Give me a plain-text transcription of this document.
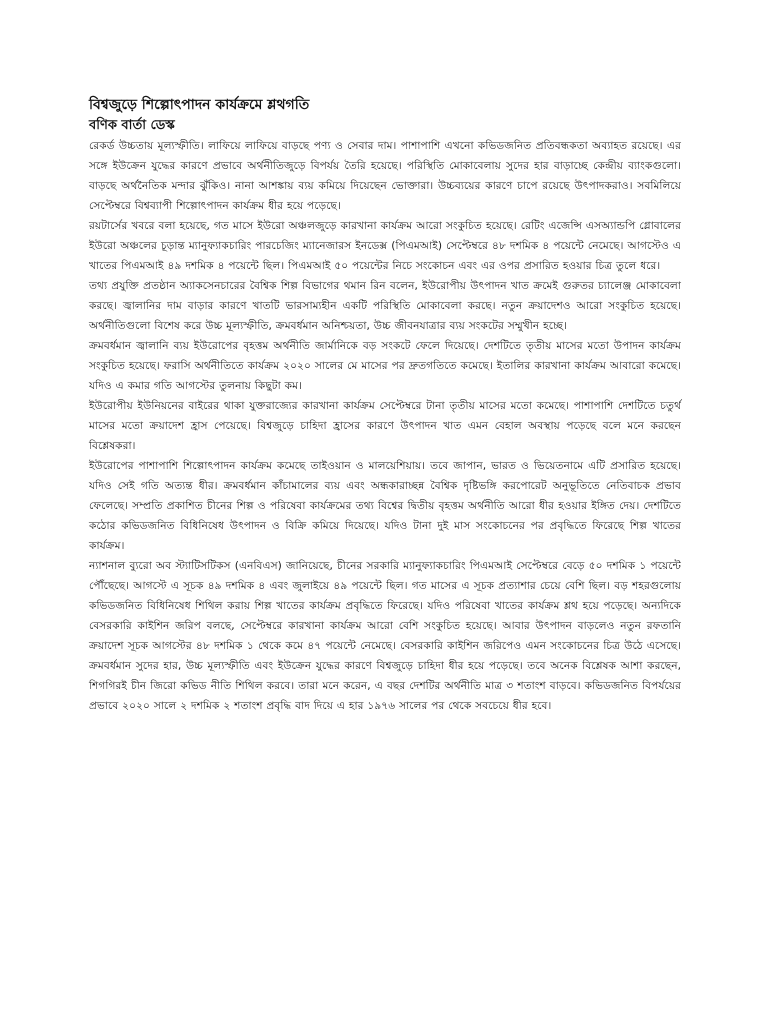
বিশ্বজুড়ে শিল্পোৎপাদন কার্যক্রমে শ্লথগতি
বণিক বার্তা ডেস্ক

রেকর্ড উচ্চতায় মূল্যস্ফীতি। লাফিয়ে লাফিয়ে বাড়ছে পণ্য ও সেবার দাম। পাশাপাশি এখনো কভিডজনিত প্রতিবন্ধকতা অব্যাহত রয়েছে। এর সঙ্গে ইউক্রেন যুদ্ধের কারণে প্রভাবে অর্থনীতিজুড়ে বিপর্যয় তৈরি হয়েছে। পরিস্থিতি মোকাবেলায় সুদের হার বাড়াচ্ছে কেন্দ্রীয় ব্যাংকগুলো। বাড়ছে অর্থনৈতিক মন্দার ঝুঁকিও। নানা আশঙ্কায় ব্যয় কমিয়ে দিয়েছেন ভোক্তারা। উচ্চব্যয়ের কারণে চাপে রয়েছে উৎপাদকরাও। সবমিলিয়ে সেপ্টেম্বরে বিশ্বব্যাপী শিল্পোৎপাদন কার্যক্রম ধীর হয়ে পড়েছে।

রয়টার্সের খবরে বলা হয়েছে, গত মাসে ইউরো অঞ্চলজুড়ে কারখানা কার্যক্রম আরো সংকুচিত হয়েছে। রেটিং এজেন্সি এসঅ্যান্ডপি গ্লোবালের ইউরো অঞ্চলের চূড়ান্ত ম্যানুফ্যাকচারিং পারচেজিং ম্যানেজারস ইনডেক্স (পিএমআই) সেপ্টেম্বরে ৪৮ দশমিক ৪ পয়েন্টে নেমেছে। আগস্টেও এ খাতের পিএমআই ৪৯ দশমিক ৪ পয়েন্টে ছিল। পিএমআই ৫০ পয়েন্টের নিচে সংকোচন এবং এর ওপর প্রসারিত হওয়ার চিত্র তুলে ধরে।

তথ্য প্রযুক্তি প্রতষ্ঠান অ্যাকসেনচারের বৈশ্বিক শিল্প বিভাগের থমান রিন বলেন, ইউরোপীয় উৎপাদন খাত ক্রমেই গুরুতর চ্যালেঞ্জ মোকাবেলা করছে। জ্বালানির দাম বাড়ার কারণে খাতটি ভারসাম্যহীন একটি পরিস্থিতি মোকাবেলা করছে। নতুন ক্রয়াদেশও আরো সংকুচিত হয়েছে। অর্থনীতিগুলো বিশেষ করে উচ্চ মূল্যস্ফীতি, ক্রমবর্ধমান অনিশ্চয়তা, উচ্চ জীবনযাত্রার ব্যয় সংকটের সম্মুখীন হচ্ছে।

ক্রমবর্ধমান জ্বালানি ব্যয় ইউরোপের বৃহত্তম অর্থনীতি জার্মানিকে বড় সংকটে ফেলে দিয়েছে। দেশটিতে তৃতীয় মাসের মতো উপাদন কার্যক্রম সংকুচিত হয়েছে। ফরাসি অর্থনীতিতে কার্যক্রম ২০২০ সালের মে মাসের পর দ্রুতগতিতে কমেছে। ইতালির কারখানা কার্যক্রম আবারো কমেছে। যদিও এ কমার গতি আগস্টের তুলনায় কিছুটা কম।

ইউরোপীয় ইউনিয়নের বাইরের থাকা যুক্তরাজ্যের কারখানা কার্যক্রম সেপ্টেম্বরে টানা তৃতীয় মাসের মতো কমেছে। পাশাপাশি দেশটিতে চতুর্থ মাসের মতো ক্রয়াদেশ হ্রাস পেয়েছে। বিশ্বজুড়ে চাহিদা হ্রাসের কারণে উৎপাদন খাত এমন বেহাল অবস্থায় পড়েছে বলে মনে করছেন বিশ্লেষকরা।

ইউরোপের পাশাপাশি শিল্পোৎপাদন কার্যক্রম কমেছে তাইওয়ান ও মালয়েশিয়ায়। তবে জাপান, ভারত ও ভিয়েতনামে এটি প্রসারিত হয়েছে। যদিও সেই গতি অত্যন্ত ধীর। ক্রমবর্ধমান কাঁচামালের ব্যয় এবং অন্ধকারাচ্ছন্ন বৈশ্বিক দৃষ্টিভঙ্গি করপোরেট অনুভূতিতে নেতিবাচক প্রভাব ফেলেছে। সম্প্রতি প্রকাশিত চীনের শিল্প ও পরিষেবা কার্যক্রমের তথ্য বিশ্বের দ্বিতীয় বৃহত্তম অর্থনীতি আরো ধীর হওয়ার ইঙ্গিত দেয়। দেশটিতে কঠোর কভিডজনিত বিধিনিষেধ উৎপাদন ও বিক্রি কমিয়ে দিয়েছে। যদিও টানা দুই মাস সংকোচনের পর প্রবৃদ্ধিতে ফিরেছে শিল্প খাতের কার্যক্রম।

ন্যাশনাল ব্যুরো অব স্ট্যাটিসটিকস (এনবিএস) জানিয়েছে, চীনের সরকারি ম্যানুফ্যাকচারিং পিএমআই সেপ্টেম্বরে বেড়ে ৫০ দশমিক ১ পয়েন্টে পৌঁছেছে। আগস্টে এ সূচক ৪৯ দশমিক ৪ এবং জুলাইয়ে ৪৯ পয়েন্টে ছিল। গত মাসের এ সূচক প্রত্যাশার চেয়ে বেশি ছিল। বড় শহরগুলোয় কভিডজনিত বিধিনিষেধ শিথিল করায় শিল্প খাতের কার্যক্রম প্রবৃদ্ধিতে ফিরেছে। যদিও পরিষেবা খাতের কার্যক্রম শ্লথ হয়ে পড়েছে। অন্যদিকে বেসরকারি কাইশিন জরিপ বলছে, সেপ্টেম্বরে কারখানা কার্যক্রম আরো বেশি সংকুচিত হয়েছে। আবার উৎপাদন বাড়লেও নতুন রফতানি ক্রয়াদেশ সূচক আগস্টের ৪৮ দশমিক ১ থেকে কমে ৪৭ পয়েন্টে নেমেছে। বেসরকারি কাইশিন জরিপেও এমন সংকোচনের চিত্র উঠে এসেছে। ক্রমবর্ধমান সুদের হার, উচ্চ মূল্যস্ফীতি এবং ইউক্রেন যুদ্ধের কারণে বিশ্বজুড়ে চাহিদা ধীর হয়ে পড়েছে। তবে অনেক বিশ্লেষক আশা করছেন, শিগগিরই চীন জিরো কভিড নীতি শিথিল করবে। তারা মনে করেন, এ বছর দেশটির অর্থনীতি মাত্র ৩ শতাংশ বাড়বে। কভিডজনিত বিপর্যয়ের প্রভাবে ২০২০ সালে ২ দশমিক ২ শতাংশ প্রবৃদ্ধি বাদ দিয়ে এ হার ১৯৭৬ সালের পর থেকে সবচেয়ে ধীর হবে।
